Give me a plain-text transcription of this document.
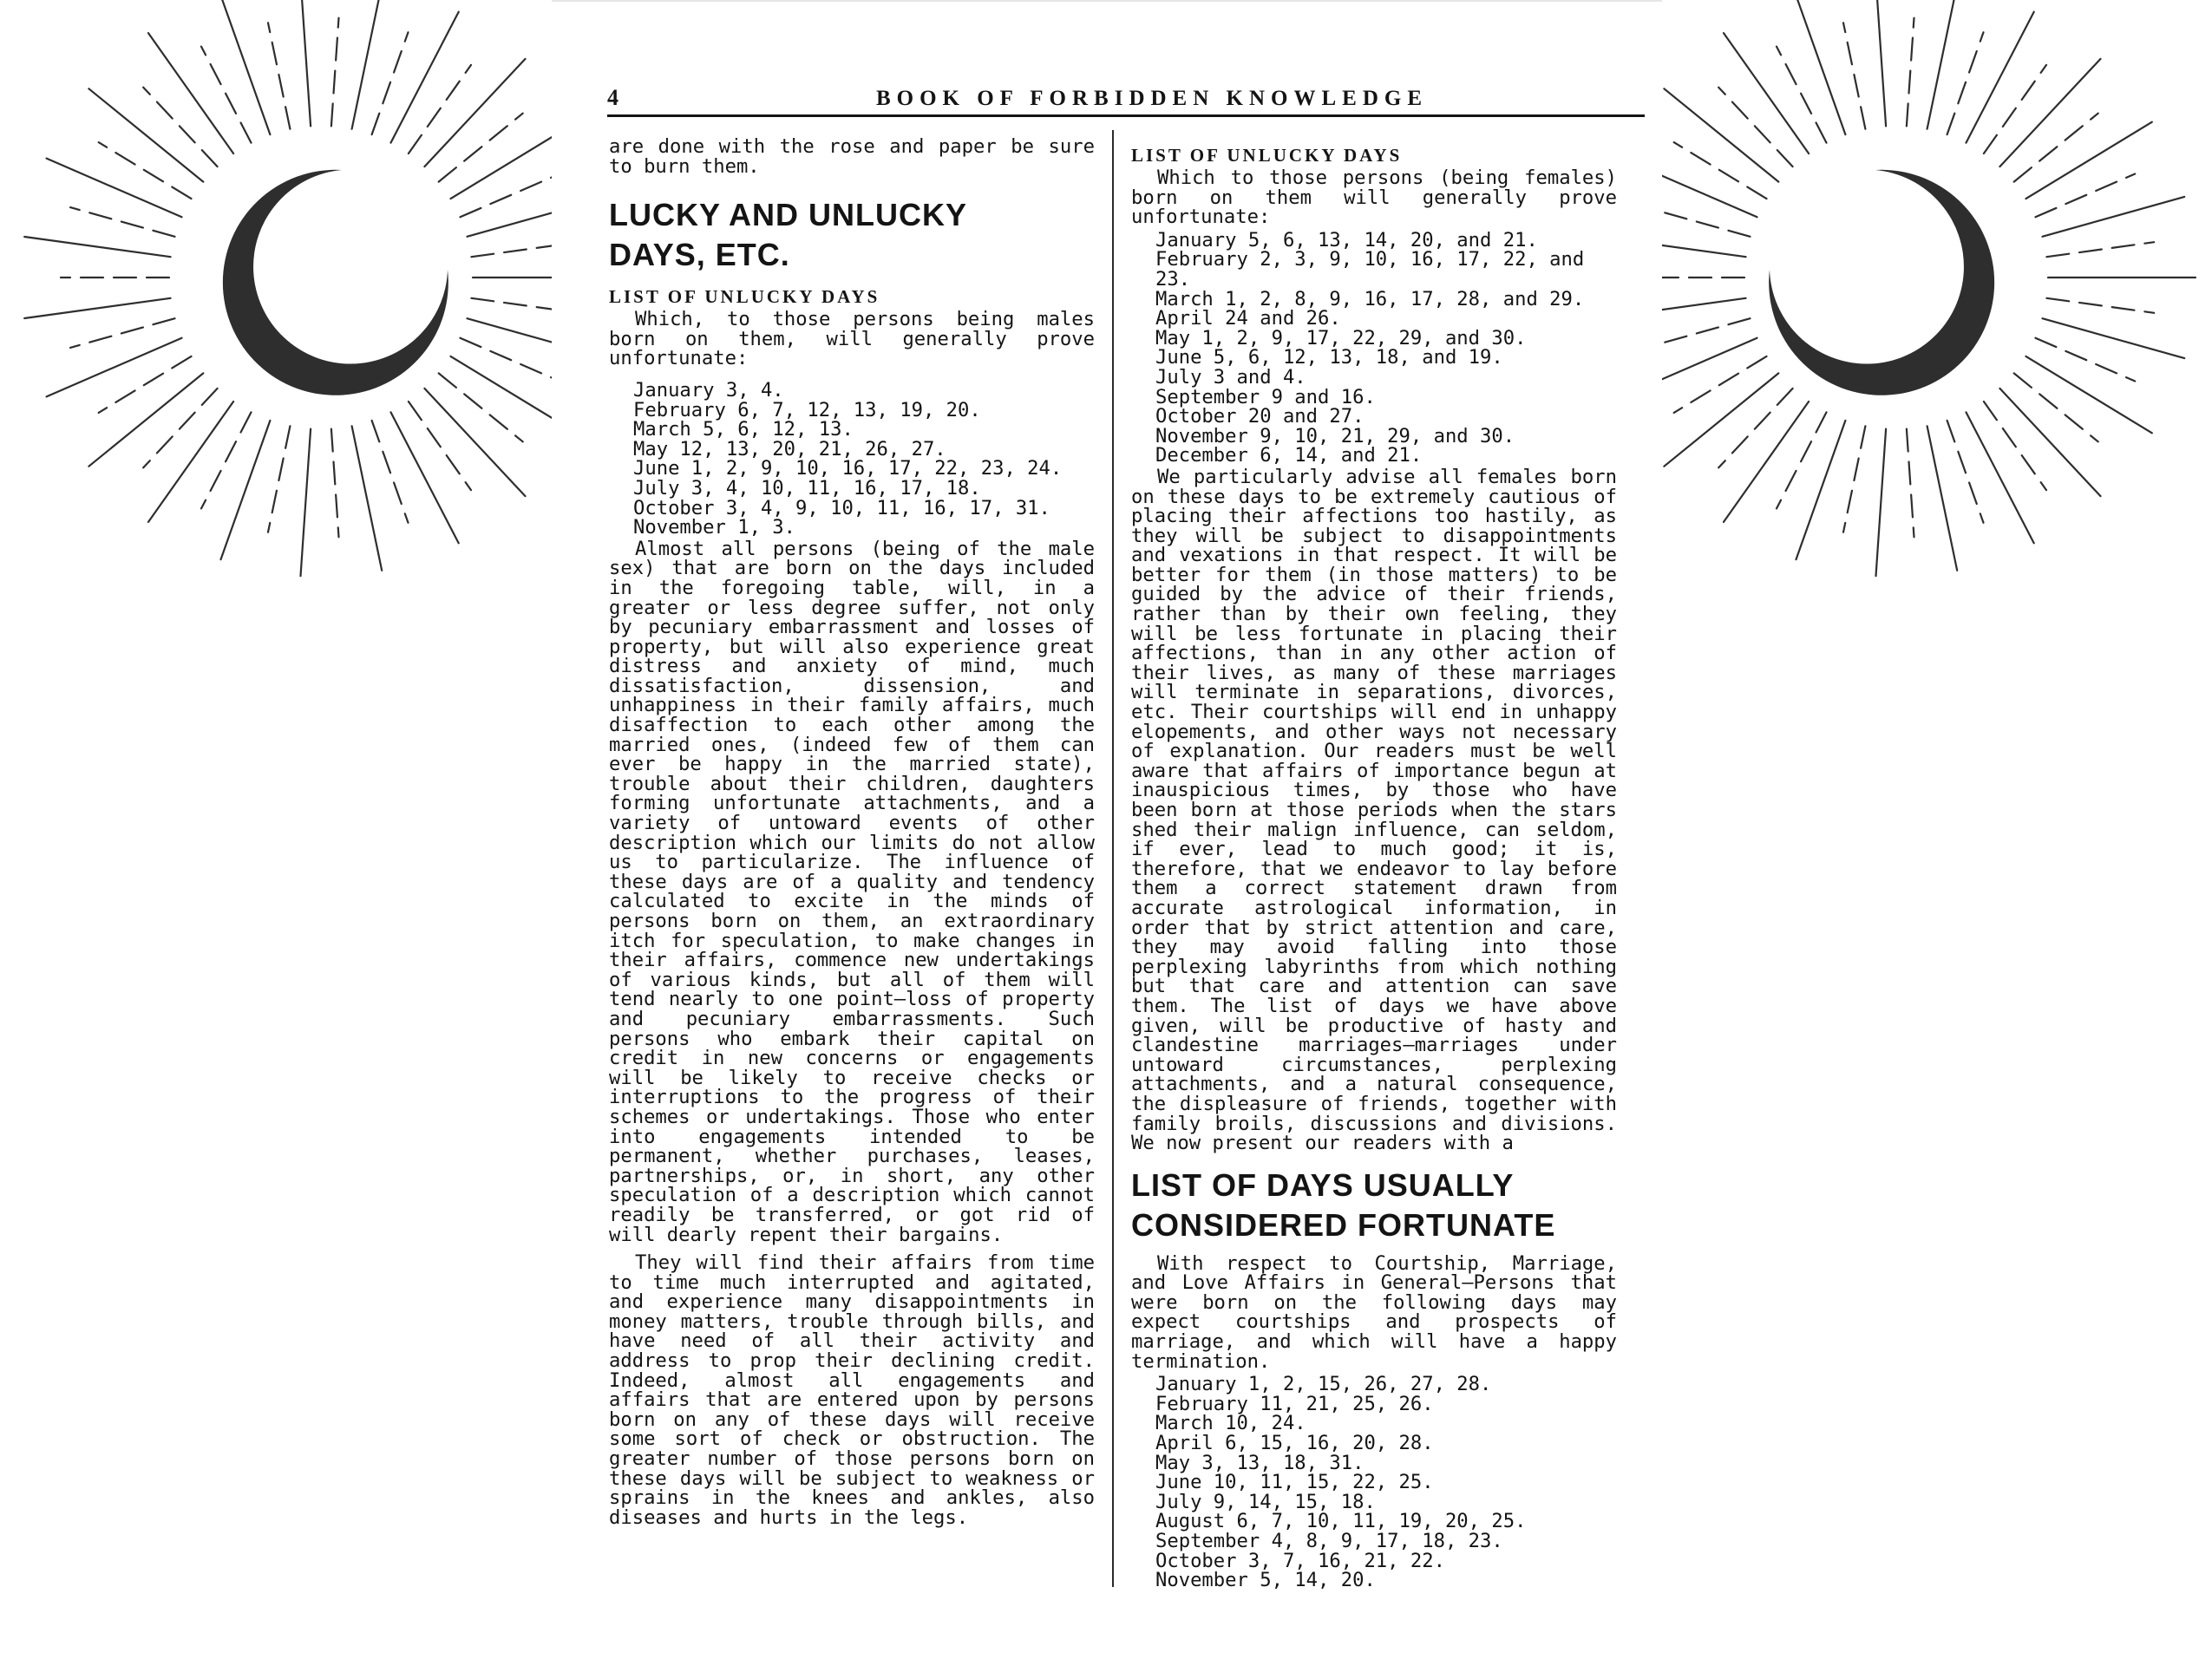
4	BOOK OF FORBIDDEN KNOWLEDGE

are done with the rose and paper be sure to burn them.

LUCKY AND UNLUCKY
DAYS, ETC.
LIST OF UNLUCKY DAYS

Which, to those persons being males born on them, will generally prove unfortunate:

January 3, 4.
February 6, 7, 12, 13, 19, 20.
March 5, 6, 12, 13.
May 12, 13, 20, 21, 26, 27.
June 1, 2, 9, 10, 16, 17, 22, 23, 24.
July 3, 4, 10, 11, 16, 17, 18.
October 3, 4, 9, 10, 11, 16, 17, 31.
November 1, 3.

Almost all persons (being of the male sex) that are born on the days included in the foregoing table, will, in a greater or less degree suffer, not only by pecuniary embarrassment and losses of property, but will also experience great distress and anxiety of mind, much dissatisfaction, dissension, and unhappiness in their family affairs, much disaffection to each other among the married ones, (indeed few of them can ever be happy in the married state), trouble about their children, daughters forming unfortunate attachments, and a variety of untoward events of other description which our limits do not allow us to particularize. The influence of these days are of a quality and tendency calculated to excite in the minds of persons born on them, an extraordinary itch for speculation, to make changes in their affairs, commence new undertakings of various kinds, but all of them will tend nearly to one point—loss of property and pecuniary embarrassments. Such persons who embark their capital on credit in new concerns or engagements will be likely to receive checks or interruptions to the progress of their schemes or undertakings. Those who enter into engagements intended to be permanent, whether purchases, leases, partnerships, or, in short, any other speculation of a description which cannot readily be transferred, or got rid of will dearly repent their bargains.

They will find their affairs from time to time much interrupted and agitated, and experience many disappointments in money matters, trouble through bills, and have need of all their activity and address to prop their declining credit. Indeed, almost all engagements and affairs that are entered upon by persons born on any of these days will receive some sort of check or obstruction. The greater number of those persons born on these days will be subject to weakness or sprains in the knees and ankles, also diseases and hurts in the legs.

LIST OF UNLUCKY DAYS

Which to those persons (being females) born on them will generally prove unfortunate:

January 5, 6, 13, 14, 20, and 21.
February 2, 3, 9, 10, 16, 17, 22, and 23.
March 1, 2, 8, 9, 16, 17, 28, and 29.
April 24 and 26.
May 1, 2, 9, 17, 22, 29, and 30.
June 5, 6, 12, 13, 18, and 19.
July 3 and 4.
September 9 and 16.
October 20 and 27.
November 9, 10, 21, 29, and 30.
December 6, 14, and 21.

We particularly advise all females born on these days to be extremely cautious of placing their affections too hastily, as they will be subject to disappointments and vexations in that respect. It will be better for them (in those matters) to be guided by the advice of their friends, rather than by their own feeling, they will be less fortunate in placing their affections, than in any other action of their lives, as many of these marriages will terminate in separations, divorces, etc. Their courtships will end in unhappy elopements, and other ways not necessary of explanation. Our readers must be well aware that affairs of importance begun at inauspicious times, by those who have been born at those periods when the stars shed their malign influence, can seldom, if ever, lead to much good; it is, therefore, that we endeavor to lay before them a correct statement drawn from accurate astrological information, in order that by strict attention and care, they may avoid falling into those perplexing labyrinths from which nothing but that care and attention can save them. The list of days we have above given, will be productive of hasty and clandestine marriages—marriages under untoward circumstances, perplexing attachments, and a natural consequence, the displeasure of friends, together with family broils, discussions and divisions. We now present our readers with a

LIST OF DAYS USUALLY
CONSIDERED FORTUNATE

With respect to Courtship, Marriage, and Love Affairs in General—Persons that were born on the following days may expect courtships and prospects of marriage, and which will have a happy termination.

January 1, 2, 15, 26, 27, 28.
February 11, 21, 25, 26.
March 10, 24.
April 6, 15, 16, 20, 28.
May 3, 13, 18, 31.
June 10, 11, 15, 22, 25.
July 9, 14, 15, 18.
August 6, 7, 10, 11, 19, 20, 25.
September 4, 8, 9, 17, 18, 23.
October 3, 7, 16, 21, 22.
November 5, 14, 20.
